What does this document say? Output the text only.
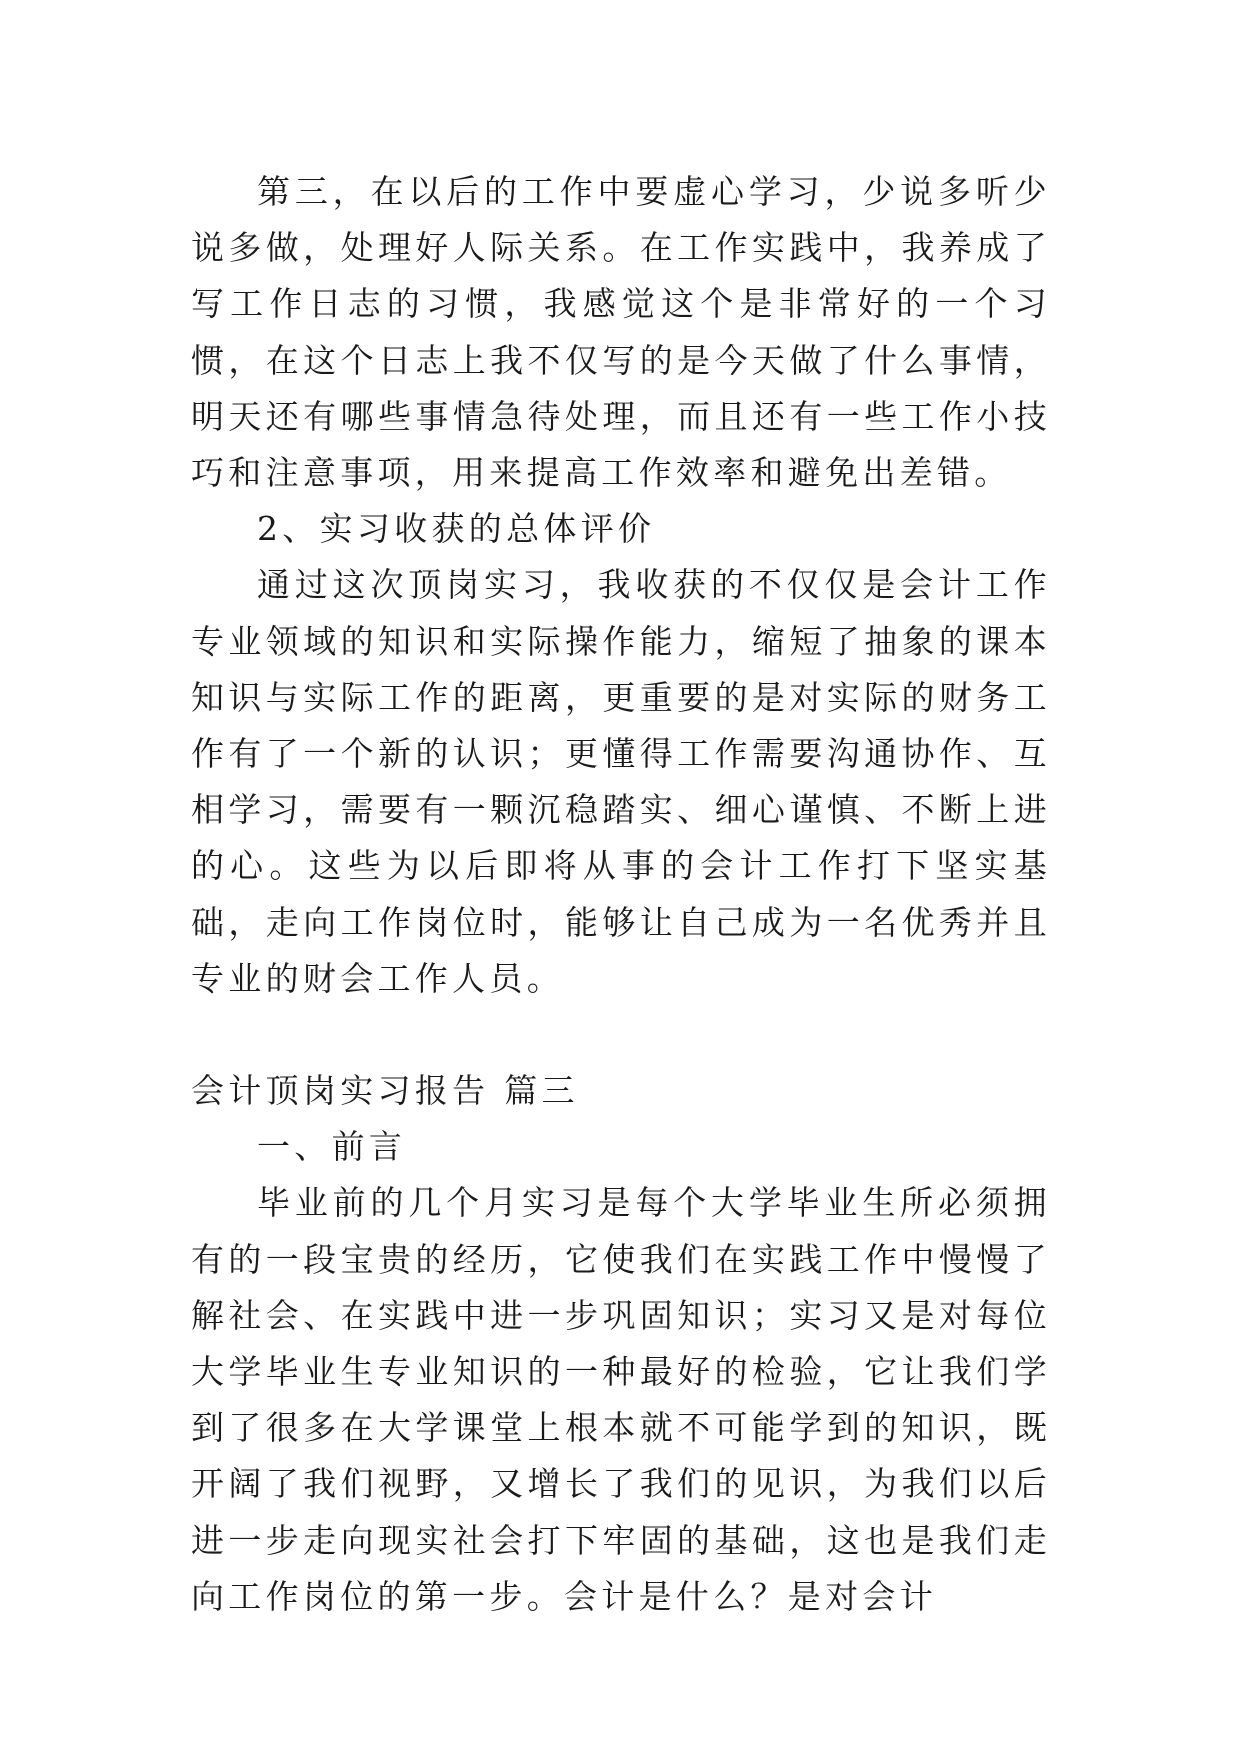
第三，在以后的工作中要虚心学习，少说多听少说多做，处理好人际关系。在工作实践中，我养成了写工作日志的习惯，我感觉这个是非常好的一个习惯，在这个日志上我不仅写的是今天做了什么事情，明天还有哪些事情急待处理，而且还有一些工作小技巧和注意事项，用来提高工作效率和避免出差错。

2、实习收获的总体评价

通过这次顶岗实习，我收获的不仅仅是会计工作专业领域的知识和实际操作能力，缩短了抽象的课本知识与实际工作的距离，更重要的是对实际的财务工作有了一个新的认识；更懂得工作需要沟通协作、互相学习，需要有一颗沉稳踏实、细心谨慎、不断上进的心。这些为以后即将从事的会计工作打下坚实基础，走向工作岗位时，能够让自己成为一名优秀并且专业的财会工作人员。

会计顶岗实习报告 篇三

一、前言

毕业前的几个月实习是每个大学毕业生所必须拥有的一段宝贵的经历，它使我们在实践工作中慢慢了解社会、在实践中进一步巩固知识；实习又是对每位大学毕业生专业知识的一种最好的检验，它让我们学到了很多在大学课堂上根本就不可能学到的知识，既开阔了我们视野，又增长了我们的见识，为我们以后进一步走向现实社会打下牢固的基础，这也是我们走向工作岗位的第一步。会计是什么？是对会计
